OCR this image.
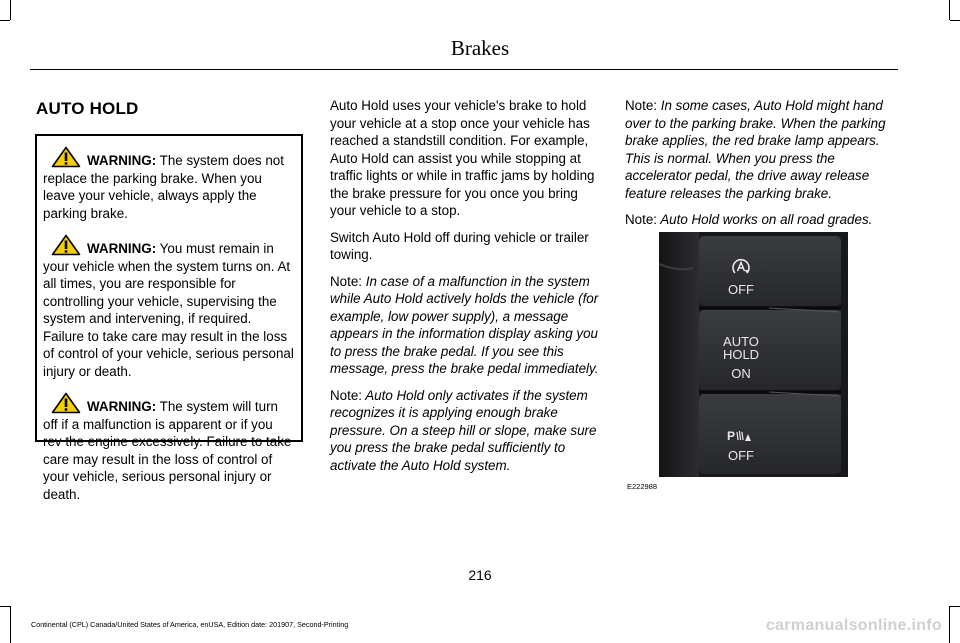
Brakes
AUTO HOLD
WARNING: The system does not replace the parking brake. When you leave your vehicle, always apply the parking brake.
WARNING: You must remain in your vehicle when the system turns on. At all times, you are responsible for controlling your vehicle, supervising the system and intervening, if required. Failure to take care may result in the loss of control of your vehicle, serious personal injury or death.
WARNING: The system will turn off if a malfunction is apparent or if you rev the engine excessively. Failure to take care may result in the loss of control of your vehicle, serious personal injury or death.

Auto Hold uses your vehicle's brake to hold your vehicle at a stop once your vehicle has reached a standstill condition. For example, Auto Hold can assist you while stopping at traffic lights or while in traffic jams by holding the brake pressure for you once you bring your vehicle to a stop.

Switch Auto Hold off during vehicle or trailer towing.

Note: In case of a malfunction in the system while Auto Hold actively holds the vehicle (for example, low power supply), a message appears in the information display asking you to press the brake pedal. If you see this message, press the brake pedal immediately.

Note: Auto Hold only activates if the system recognizes it is applying enough brake pressure. On a steep hill or slope, make sure you press the brake pedal sufficiently to activate the Auto Hold system.

Note: In some cases, Auto Hold might hand over to the parking brake. When the parking brake applies, the red brake lamp appears. This is normal. When you press the accelerator pedal, the drive away release feature releases the parking brake.

Note: Auto Hold works on all road grades.

OFF
AUTO
HOLD
ON
P
OFF
E222988
216
Continental (CPL) Canada/United States of America, enUSA, Edition date: 201907, Second-Printing	carmanualsonline.info
